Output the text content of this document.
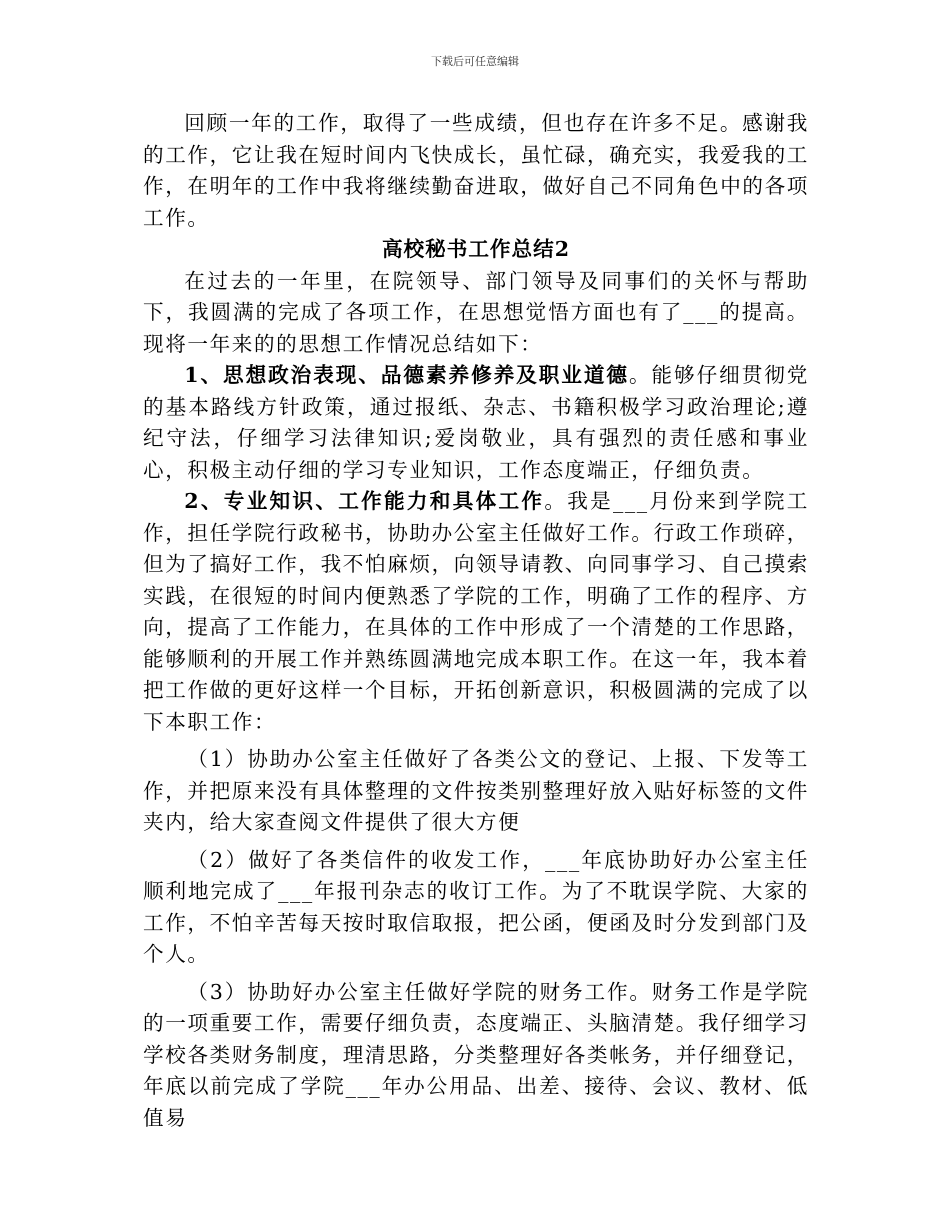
下载后可任意编辑

回顾一年的工作，取得了一些成绩，但也存在许多不足。感谢我的工作，它让我在短时间内飞快成长，虽忙碌，确充实，我爱我的工作，在明年的工作中我将继续勤奋进取，做好自己不同角色中的各项工作。

高校秘书工作总结2

在过去的一年里，在院领导、部门领导及同事们的关怀与帮助下，我圆满的完成了各项工作，在思想觉悟方面也有了___的提高。现将一年来的的思想工作情况总结如下：

1、思想政治表现、品德素养修养及职业道德。能够仔细贯彻党的基本路线方针政策，通过报纸、杂志、书籍积极学习政治理论;遵纪守法，仔细学习法律知识;爱岗敬业，具有强烈的责任感和事业心，积极主动仔细的学习专业知识，工作态度端正，仔细负责。

2、专业知识、工作能力和具体工作。我是___月份来到学院工作，担任学院行政秘书，协助办公室主任做好工作。行政工作琐碎，但为了搞好工作，我不怕麻烦，向领导请教、向同事学习、自己摸索实践，在很短的时间内便熟悉了学院的工作，明确了工作的程序、方向，提高了工作能力，在具体的工作中形成了一个清楚的工作思路，能够顺利的开展工作并熟练圆满地完成本职工作。在这一年，我本着把工作做的更好这样一个目标，开拓创新意识，积极圆满的完成了以下本职工作：

（1）协助办公室主任做好了各类公文的登记、上报、下发等工作，并把原来没有具体整理的文件按类别整理好放入贴好标签的文件夹内，给大家查阅文件提供了很大方便

（2）做好了各类信件的收发工作，___年底协助好办公室主任顺利地完成了___年报刊杂志的收订工作。为了不耽误学院、大家的工作，不怕辛苦每天按时取信取报，把公函，便函及时分发到部门及个人。

（3）协助好办公室主任做好学院的财务工作。财务工作是学院的一项重要工作，需要仔细负责，态度端正、头脑清楚。我仔细学习学校各类财务制度，理清思路，分类整理好各类帐务，并仔细登记，年底以前完成了学院___年办公用品、出差、接待、会议、教材、低值易
